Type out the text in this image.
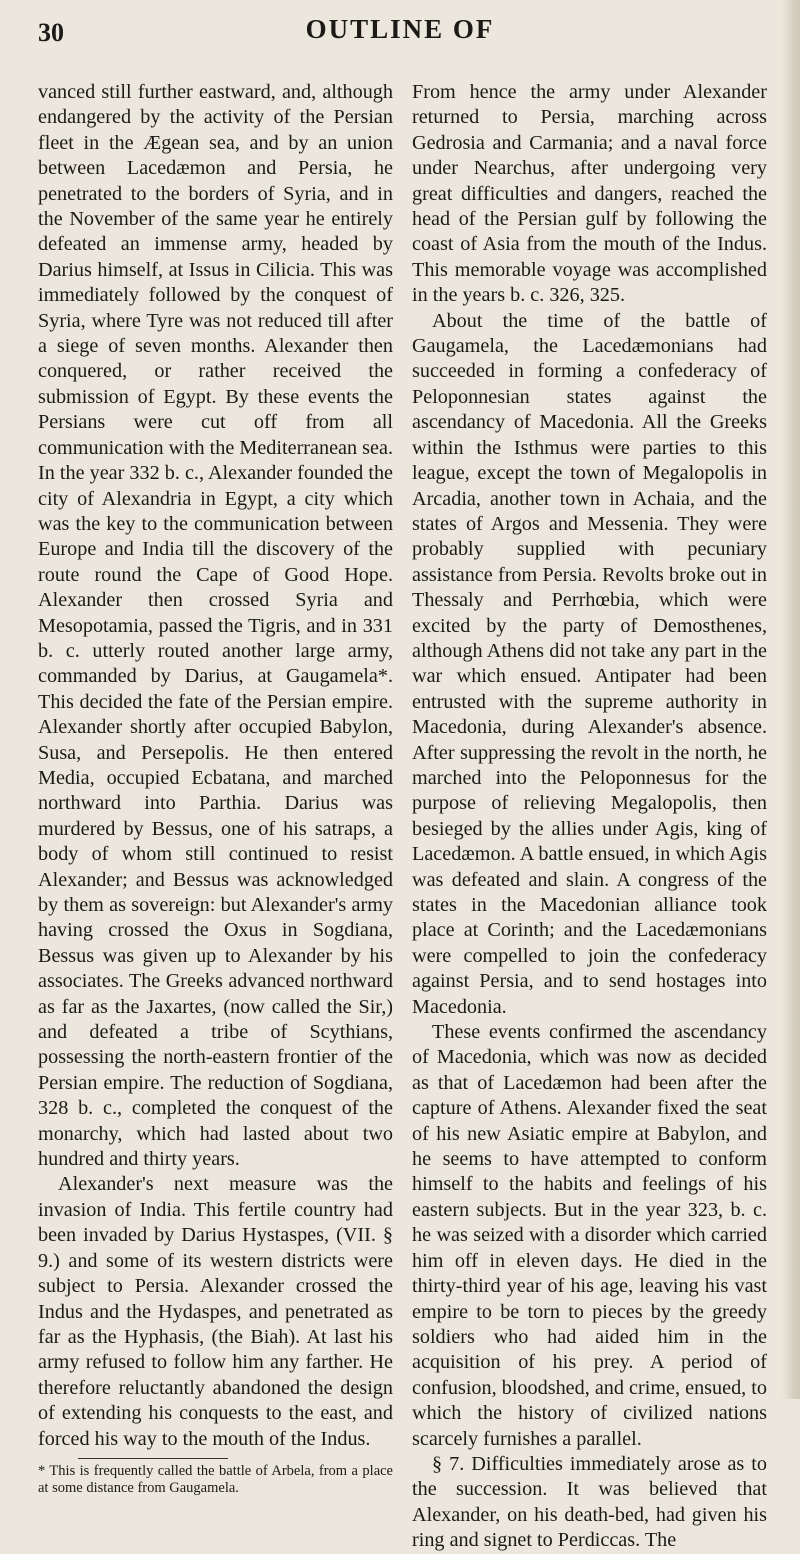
30	OUTLINE OF

vanced still further eastward, and, although endangered by the activity of the Persian fleet in the Ægean sea, and by an union between Lacedæmon and Persia, he penetrated to the borders of Syria, and in the November of the same year he entirely defeated an immense army, headed by Darius himself, at Issus in Cilicia. This was immediately followed by the conquest of Syria, where Tyre was not reduced till after a siege of seven months. Alexander then conquered, or rather received the submission of Egypt. By these events the Persians were cut off from all communication with the Mediterranean sea. In the year 332 b. c., Alexander founded the city of Alexandria in Egypt, a city which was the key to the communication between Europe and India till the discovery of the route round the Cape of Good Hope. Alexander then crossed Syria and Mesopotamia, passed the Tigris, and in 331 b. c. utterly routed another large army, commanded by Darius, at Gaugamela*. This decided the fate of the Persian empire. Alexander shortly after occupied Babylon, Susa, and Persepolis. He then entered Media, occupied Ecbatana, and marched northward into Parthia. Darius was murdered by Bessus, one of his satraps, a body of whom still continued to resist Alexander; and Bessus was acknowledged by them as sovereign: but Alexander's army having crossed the Oxus in Sogdiana, Bessus was given up to Alexander by his associates. The Greeks advanced northward as far as the Jaxartes, (now called the Sir,) and defeated a tribe of Scythians, possessing the north-eastern frontier of the Persian empire. The reduction of Sogdiana, 328 b. c., completed the conquest of the monarchy, which had lasted about two hundred and thirty years.

Alexander's next measure was the invasion of India. This fertile country had been invaded by Darius Hystaspes, (VII. § 9.) and some of its western districts were subject to Persia. Alexander crossed the Indus and the Hydaspes, and penetrated as far as the Hyphasis, (the Biah). At last his army refused to follow him any farther. He therefore reluctantly abandoned the design of extending his conquests to the east, and forced his way to the mouth of the Indus.

* This is frequently called the battle of Arbela, from a place at some distance from Gaugamela.

From hence the army under Alexander returned to Persia, marching across Gedrosia and Carmania; and a naval force under Nearchus, after undergoing very great difficulties and dangers, reached the head of the Persian gulf by following the coast of Asia from the mouth of the Indus. This memorable voyage was accomplished in the years b. c. 326, 325.

About the time of the battle of Gaugamela, the Lacedæmonians had succeeded in forming a confederacy of Peloponnesian states against the ascendancy of Macedonia. All the Greeks within the Isthmus were parties to this league, except the town of Megalopolis in Arcadia, another town in Achaia, and the states of Argos and Messenia. They were probably supplied with pecuniary assistance from Persia. Revolts broke out in Thessaly and Perrhœbia, which were excited by the party of Demosthenes, although Athens did not take any part in the war which ensued. Antipater had been entrusted with the supreme authority in Macedonia, during Alexander's absence. After suppressing the revolt in the north, he marched into the Peloponnesus for the purpose of relieving Megalopolis, then besieged by the allies under Agis, king of Lacedæmon. A battle ensued, in which Agis was defeated and slain. A congress of the states in the Macedonian alliance took place at Corinth; and the Lacedæmonians were compelled to join the confederacy against Persia, and to send hostages into Macedonia.

These events confirmed the ascendancy of Macedonia, which was now as decided as that of Lacedæmon had been after the capture of Athens. Alexander fixed the seat of his new Asiatic empire at Babylon, and he seems to have attempted to conform himself to the habits and feelings of his eastern subjects. But in the year 323, b. c. he was seized with a disorder which carried him off in eleven days. He died in the thirty-third year of his age, leaving his vast empire to be torn to pieces by the greedy soldiers who had aided him in the acquisition of his prey. A period of confusion, bloodshed, and crime, ensued, to which the history of civilized nations scarcely furnishes a parallel.

§ 7. Difficulties immediately arose as to the succession. It was believed that Alexander, on his death-bed, had given his ring and signet to Perdiccas. The
